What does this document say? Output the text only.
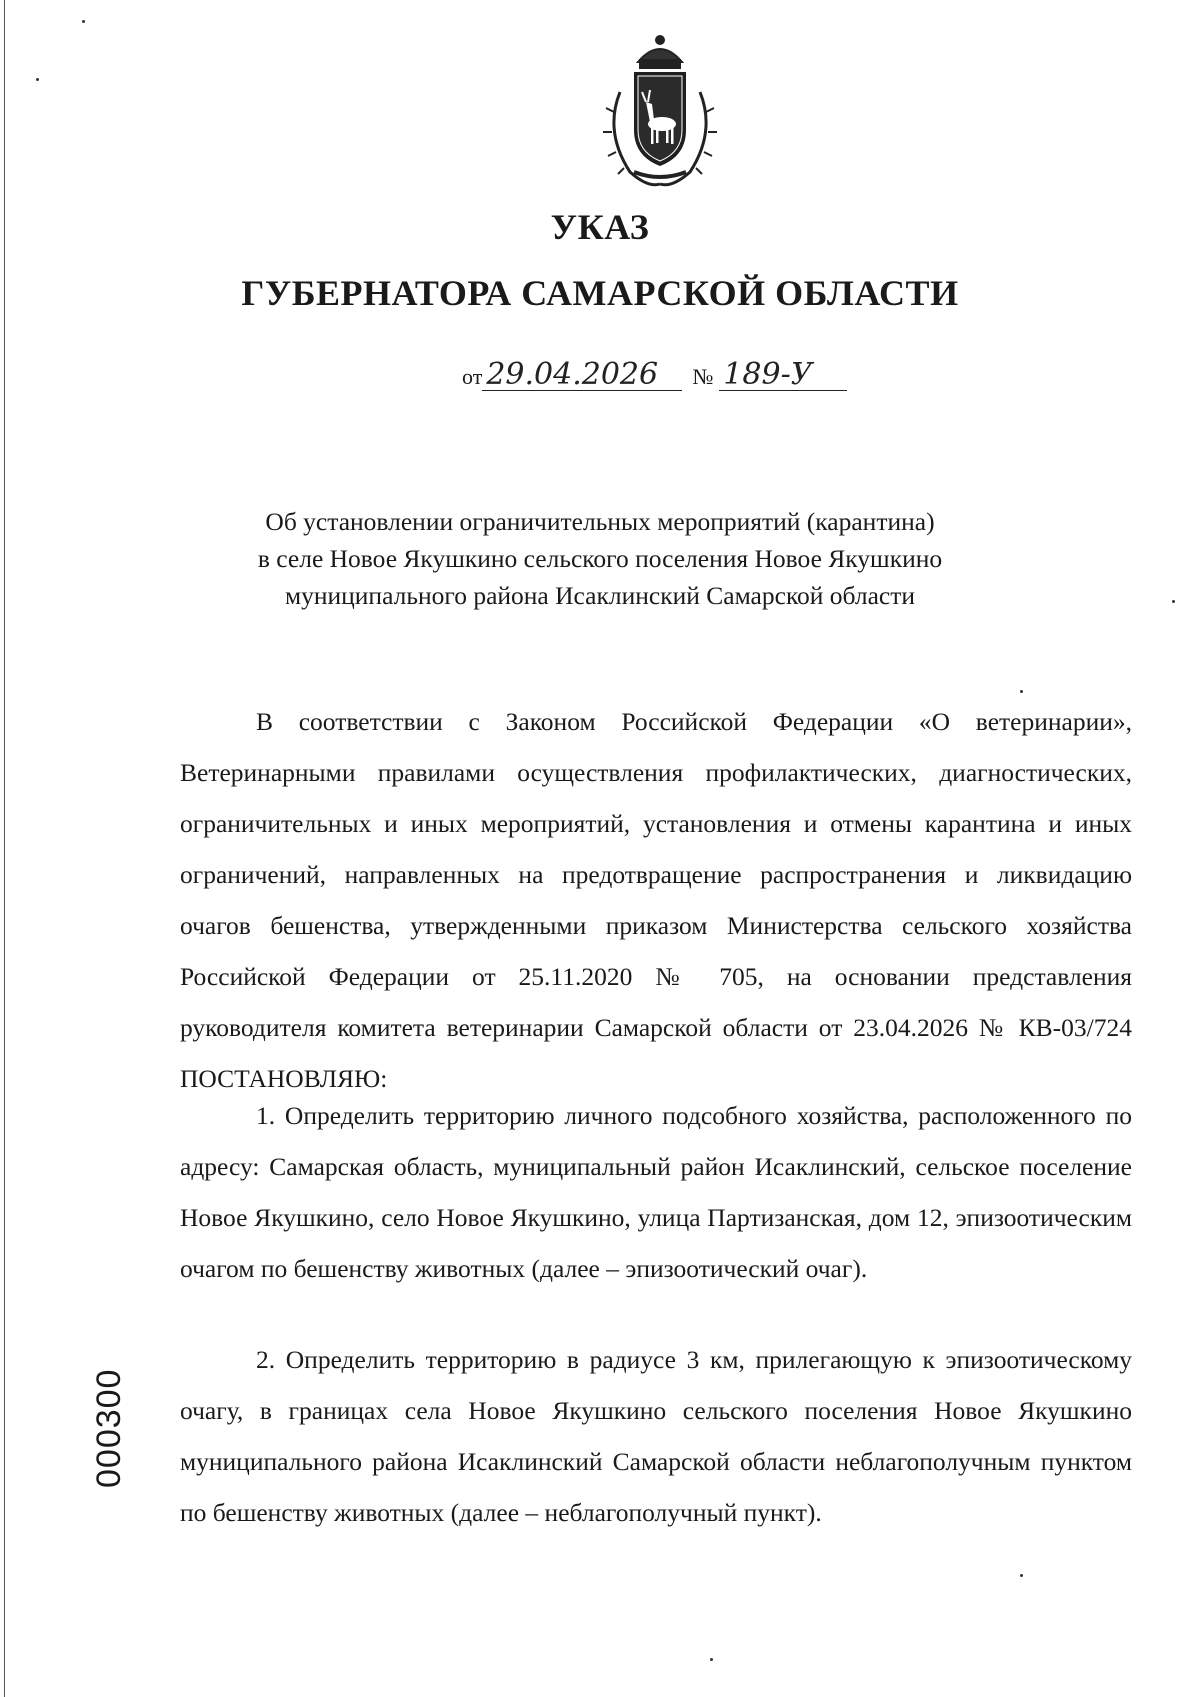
УКАЗ
ГУБЕРНАТОРА САМАРСКОЙ ОБЛАСТИ
от 29.04.2026 № 189-У
Об установлении ограничительных мероприятий (карантина)
в селе Новое Якушкино сельского поселения Новое Якушкино
муниципального района Исаклинский Самарской области

В соответствии с Законом Российской Федерации «О ветеринарии», Ветеринарными правилами осуществления профилактических, диагностических, ограничительных и иных мероприятий, установления и отмены карантина и иных ограничений, направленных на предотвращение распространения и ликвидацию очагов бешенства, утвержденными приказом Министерства сельского хозяйства Российской Федерации от 25.11.2020 № 705, на основании представления руководителя комитета ветеринарии Самарской области от 23.04.2026 № КВ-03/724 ПОСТАНОВЛЯЮ:

1. Определить территорию личного подсобного хозяйства, расположенного по адресу: Самарская область, муниципальный район Исаклинский, сельское поселение Новое Якушкино, село Новое Якушкино, улица Партизанская, дом 12, эпизоотическим очагом по бешенству животных (далее – эпизоотический очаг).

2. Определить территорию в радиусе 3 км, прилегающую к эпизоотическому очагу, в границах села Новое Якушкино сельского поселения Новое Якушкино муниципального района Исаклинский Самарской области неблагополучным пунктом по бешенству животных (далее – неблагополучный пункт).

000300
